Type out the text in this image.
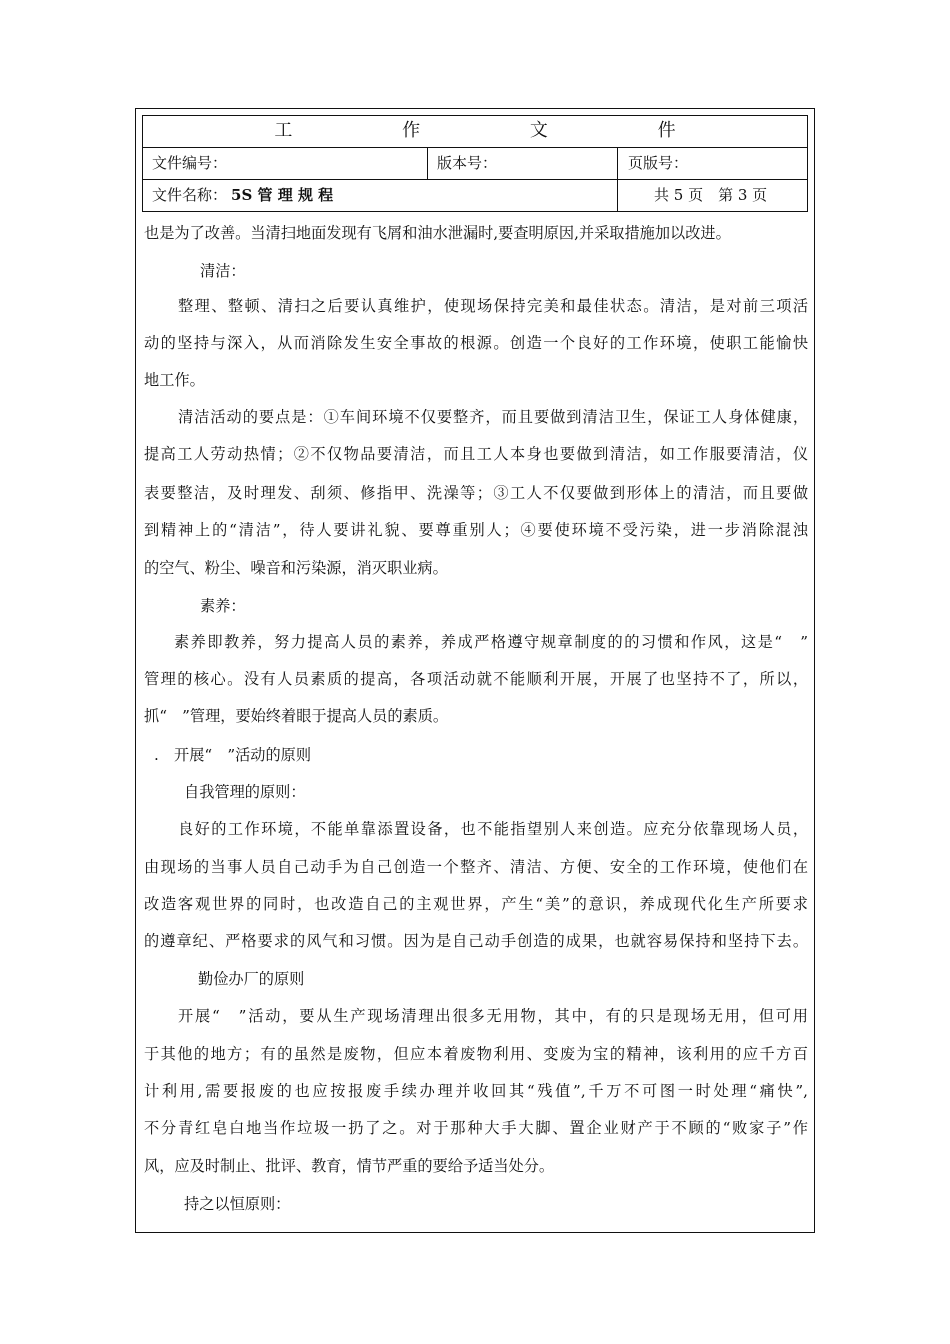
工 作 文 件
文件编号：	版本号：	页版号：
文件名称： 5S 管 理 规 程	共 5 页　第 3 页
也是为了改善。当清扫地面发现有飞屑和油水泄漏时,要查明原因,并采取措施加以改进。
清洁：
整理、整顿、清扫之后要认真维护，使现场保持完美和最佳状态。清洁，是对前三项活
动的坚持与深入，从而消除发生安全事故的根源。创造一个良好的工作环境，使职工能愉快
地工作。
清洁活动的要点是：①车间环境不仅要整齐，而且要做到清洁卫生，保证工人身体健康，
提高工人劳动热情；②不仅物品要清洁，而且工人本身也要做到清洁，如工作服要清洁，仪
表要整洁，及时理发、刮须、修指甲、洗澡等；③工人不仅要做到形体上的清洁，而且要做
到精神上的“清洁”，待人要讲礼貌、要尊重别人；④要使环境不受污染，进一步消除混浊
的空气、粉尘、噪音和污染源，消灭职业病。
素养：
素养即教养，努力提高人员的素养，养成严格遵守规章制度的的习惯和作风，这是“　”
管理的核心。没有人员素质的提高，各项活动就不能顺利开展，开展了也坚持不了，所以，
抓“　”管理，要始终着眼于提高人员的素质。
.　开展“　”活动的原则
自我管理的原则：
良好的工作环境，不能单靠添置设备，也不能指望别人来创造。应充分依靠现场人员，
由现场的当事人员自己动手为自己创造一个整齐、清洁、方便、安全的工作环境，使他们在
改造客观世界的同时，也改造自己的主观世界，产生“美”的意识，养成现代化生产所要求
的遵章纪、严格要求的风气和习惯。因为是自己动手创造的成果，也就容易保持和坚持下去。
勤俭办厂的原则
开展“　”活动，要从生产现场清理出很多无用物，其中，有的只是现场无用，但可用
于其他的地方；有的虽然是废物，但应本着废物利用、变废为宝的精神，该利用的应千方百
计利用,需要报废的也应按报废手续办理并收回其“残值”,千万不可图一时处理“痛快”,
不分青红皂白地当作垃圾一扔了之。对于那种大手大脚、置企业财产于不顾的“败家子”作
风，应及时制止、批评、教育，情节严重的要给予适当处分。
持之以恒原则：
